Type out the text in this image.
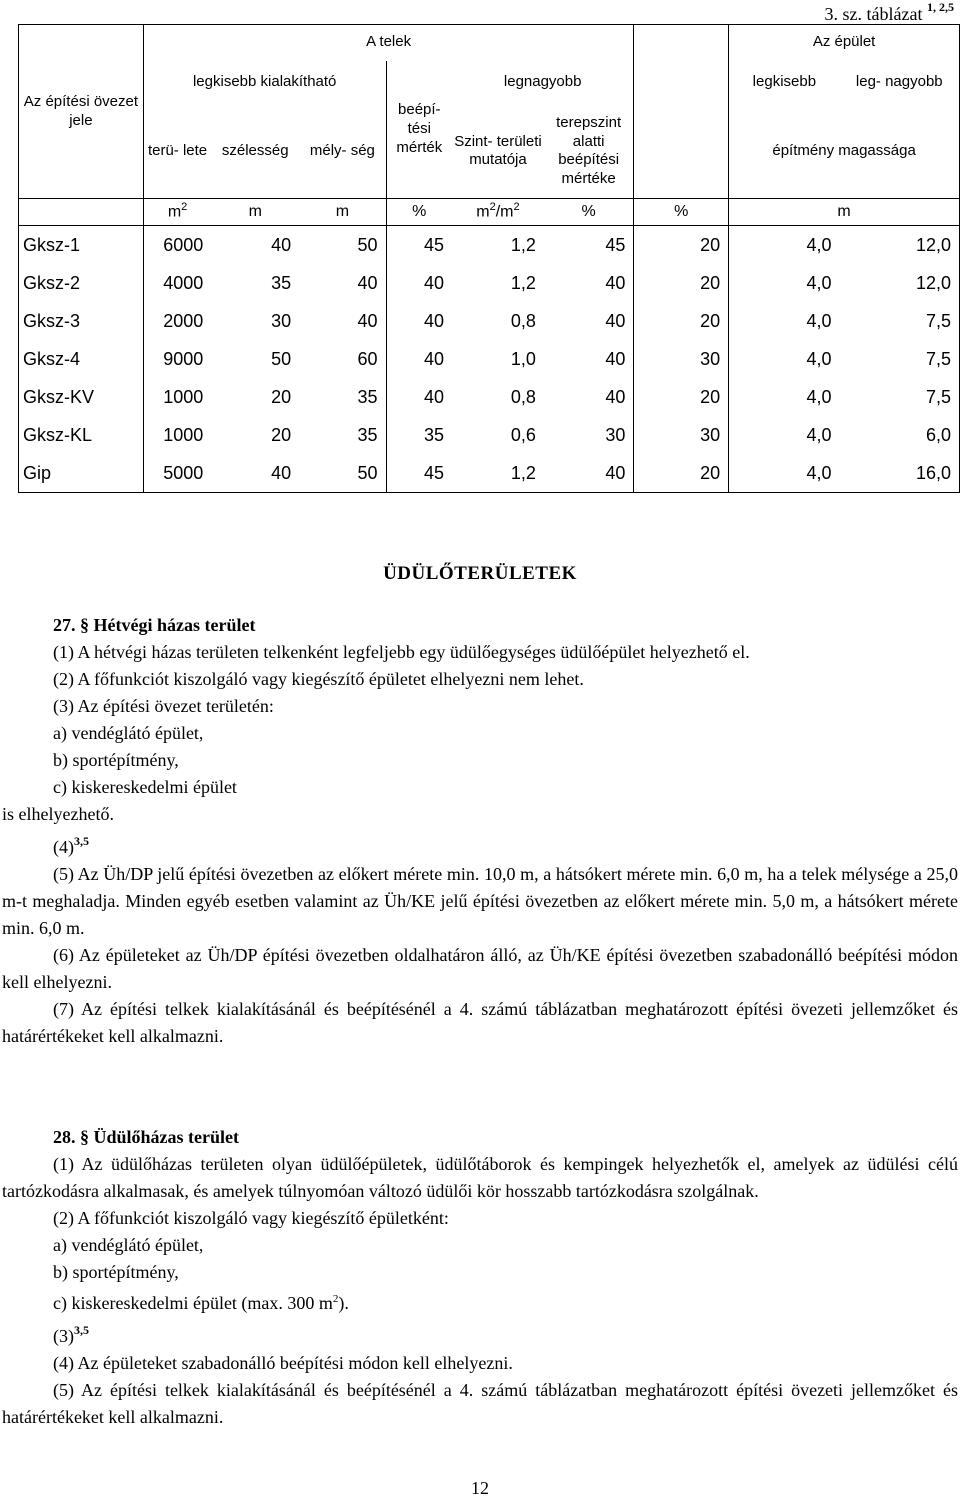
3. sz. táblázat $^{1, 2,5}$
Az építési övezet jele	A telek							Az épület	
	legkisebb kialakítható			beépí- tési mérték	legnagyobb			legkisebb	leg- nagyobb
	terü- lete	szélesség	mély- ség		Szint- területi mutatója	terepszint alatti beépítési mértéke		építmény magassága	
	$m^2$	m	m	%	$m^2/m^2$	%	%	m	
Gksz-1	6000	40	50	45	1,2	45	20	4,0	12,0
Gksz-2	4000	35	40	40	1,2	40	20	4,0	12,0
Gksz-3	2000	30	40	40	0,8	40	20	4,0	7,5
Gksz-4	9000	50	60	40	1,0	40	30	4,0	7,5
Gksz-KV	1000	20	35	40	0,8	40	20	4,0	7,5
Gksz-KL	1000	20	35	35	0,6	30	30	4,0	6,0
Gip	5000	40	50	45	1,2	40	20	4,0	16,0
ÜDÜLŐTERÜLETEK

27. § Hétvégi házas terület

(1) A hétvégi házas területen telkenként legfeljebb egy üdülőegységes üdülőépület helyezhető el.

(2) A főfunkciót kiszolgáló vagy kiegészítő épületet elhelyezni nem lehet.

(3) Az építési övezet területén:

a) vendéglátó épület,

b) sportépítmény,

c) kiskereskedelmi épület

is elhelyezhető.

$(4)^{3,5}$

(5) Az Üh/DP jelű építési övezetben az előkert mérete min. 10,0 m, a hátsókert mérete min. 6,0 m, ha a telek mélysége a 25,0 m-t meghaladja. Minden egyéb esetben valamint az Üh/KE jelű építési övezetben az előkert mérete min. 5,0 m, a hátsókert mérete min. 6,0 m.

(6) Az épületeket az Üh/DP építési övezetben oldalhatáron álló, az Üh/KE építési övezetben szabadonálló beépítési módon kell elhelyezni.

(7) Az építési telkek kialakításánál és beépítésénél a 4. számú táblázatban meghatározott építési övezeti jellemzőket és határértékeket kell alkalmazni.

28. § Üdülőházas terület

(1) Az üdülőházas területen olyan üdülőépületek, üdülőtáborok és kempingek helyezhetők el, amelyek az üdülési célú tartózkodásra alkalmasak, és amelyek túlnyomóan változó üdülői kör hosszabb tartózkodásra szolgálnak.

(2) A főfunkciót kiszolgáló vagy kiegészítő épületként:

a) vendéglátó épület,

b) sportépítmény,

c) kiskereskedelmi épület (max. 300 $m^2$).

$(3)^{3,5}$

(4) Az épületeket szabadonálló beépítési módon kell elhelyezni.

(5) Az építési telkek kialakításánál és beépítésénél a 4. számú táblázatban meghatározott építési övezeti jellemzőket és határértékeket kell alkalmazni.

12
